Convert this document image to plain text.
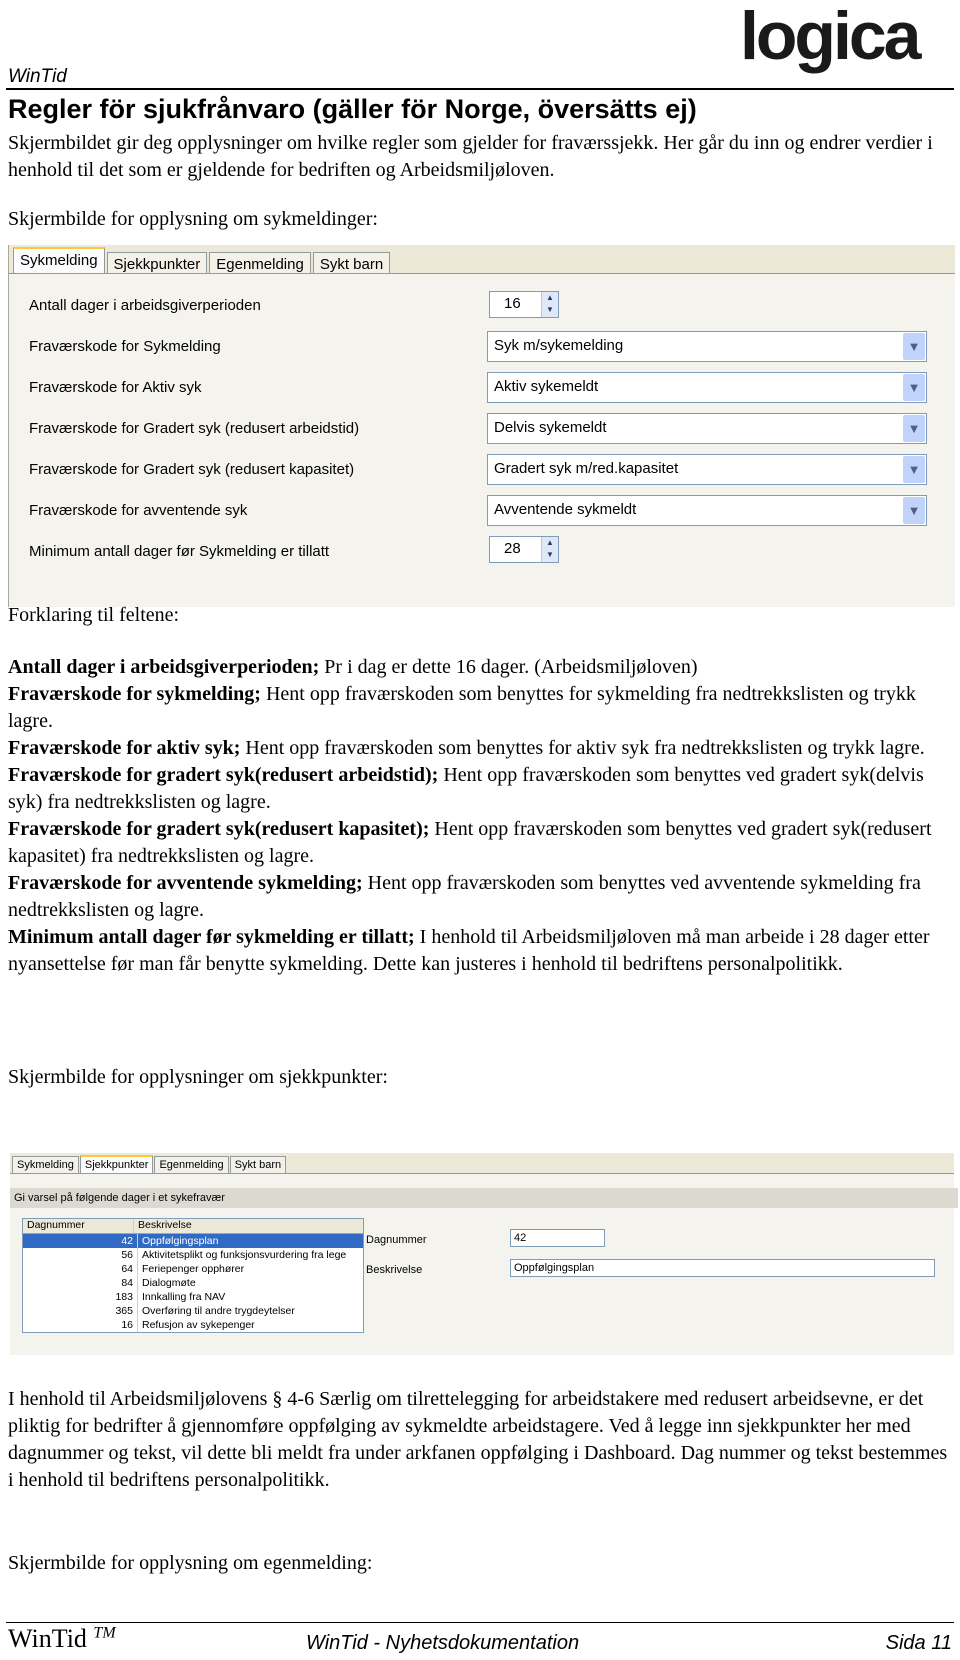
WinTid
logica
Regler för sjukfrånvaro (gäller för Norge, översätts ej)

Skjermbildet gir deg opplysninger om hvilke regler som gjelder for fraværssjekk. Her går du inn og endrer verdier i henhold til det som er gjeldende for bedriften og Arbeidsmiljøloven.

Skjermbilde for opplysning om sykmeldinger:

Sykmelding Sjekkpunkter Egenmelding Sykt barn
Antall dager i arbeidsgiverperioden	16	▲
▼
Fraværskode for Sykmelding	Syk m/sykemelding	▼
Fraværskode for Aktiv syk	Aktiv sykemeldt	▼
Fraværskode for Gradert syk (redusert arbeidstid)	Delvis sykemeldt	▼
Fraværskode for Gradert syk (redusert kapasitet)	Gradert syk m/red.kapasitet	▼
Fraværskode for avventende syk	Avventende sykmeldt	▼
Minimum antall dager før Sykmelding er tillatt	28	▲
▼

Forklaring til feltene:

Antall dager i arbeidsgiverperioden; Pr i dag er dette 16 dager. (Arbeidsmiljøloven)
Fraværskode for sykmelding; Hent opp fraværskoden som benyttes for sykmelding fra nedtrekkslisten og trykk lagre.
Fraværskode for aktiv syk; Hent opp fraværskoden som benyttes for aktiv syk fra nedtrekkslisten og trykk lagre.
Fraværskode for gradert syk(redusert arbeidstid); Hent opp fraværskoden som benyttes ved gradert syk(delvis syk) fra nedtrekkslisten og lagre.
Fraværskode for gradert syk(redusert kapasitet); Hent opp fraværskoden som benyttes ved gradert syk(redusert kapasitet) fra nedtrekkslisten og lagre.
Fraværskode for avventende sykmelding; Hent opp fraværskoden som benyttes ved avventende sykmelding fra nedtrekkslisten og lagre.
Minimum antall dager før sykmelding er tillatt; I henhold til Arbeidsmiljøloven må man arbeide i 28 dager etter nyansettelse før man får benytte sykmelding. Dette kan justeres i henhold til bedriftens personalpolitikk.

Skjermbilde for opplysninger om sjekkpunkter:

Sykmelding Sjekkpunkter Egenmelding Sykt barn
Gi varsel på følgende dager i et sykefravær
Dagnummer	Beskrivelse
42 Oppfølgingsplan
56 Aktivitetsplikt og funksjonsvurdering fra lege
64 Feriepenger opphører
84 Dialogmøte
183 Innkalling fra NAV
365 Overføring til andre trygdeytelser
16 Refusjon av sykepenger
Dagnummer	42
Beskrivelse	Oppfølgingsplan

I henhold til Arbeidsmiljølovens § 4-6 Særlig om tilrettelegging for arbeidstakere med redusert arbeidsevne, er det pliktig for bedrifter å gjennomføre oppfølging av sykmeldte arbeidstagere. Ved å legge inn sjekkpunkter her med dagnummer og tekst, vil dette bli meldt fra under arkfanen oppfølging i Dashboard. Dag nummer og tekst bestemmes i henhold til bedriftens personalpolitikk.

Skjermbilde for opplysning om egenmelding:

WinTid ™	WinTid - Nyhetsdokumentation	Sida 11
